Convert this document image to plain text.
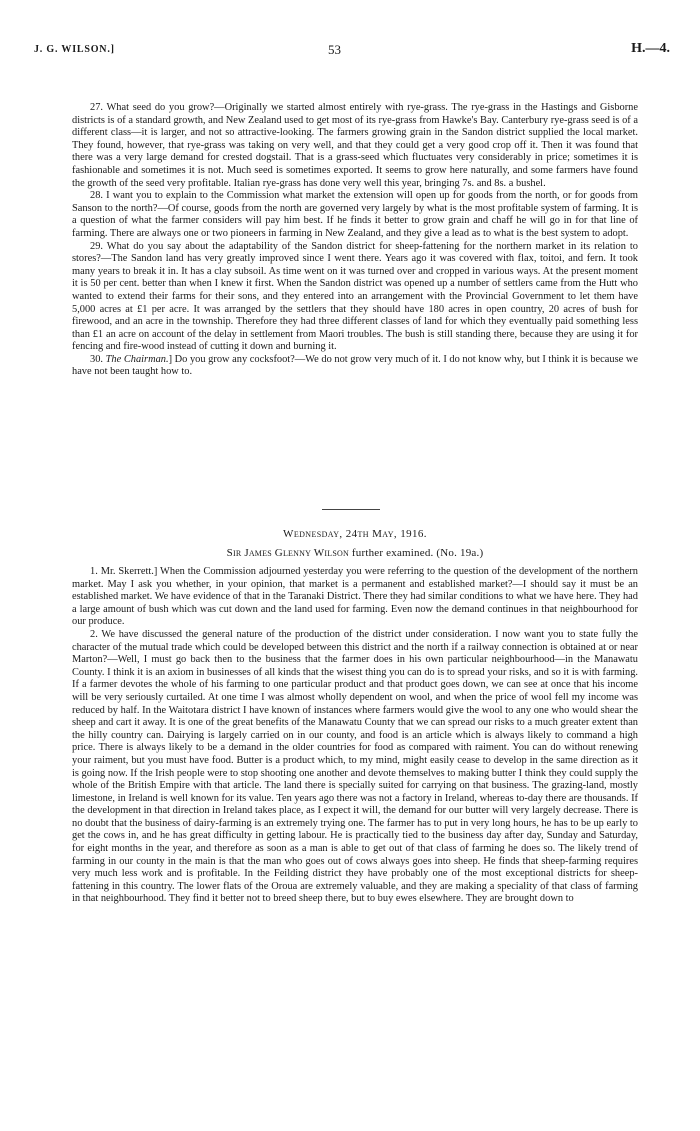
J. G. WILSON.]	53	H.—4.

27. What seed do you grow?—Originally we started almost entirely with rye-grass. The rye-grass in the Hastings and Gisborne districts is of a standard growth, and New Zealand used to get most of its rye-grass from Hawke's Bay. Canterbury rye-grass seed is of a different class—it is larger, and not so attractive-looking. The farmers growing grain in the Sandon district supplied the local market. They found, however, that rye-grass was taking on very well, and that they could get a very good crop off it. Then it was found that there was a very large demand for crested dogstail. That is a grass-seed which fluctuates very considerably in price; sometimes it is fashionable and sometimes it is not. Much seed is sometimes exported. It seems to grow here naturally, and some farmers have found the growth of the seed very profitable. Italian rye-grass has done very well this year, bringing 7s. and 8s. a bushel.

28. I want you to explain to the Commission what market the extension will open up for goods from the north, or for goods from Sanson to the north?—Of course, goods from the north are governed very largely by what is the most profitable system of farming. It is a question of what the farmer considers will pay him best. If he finds it better to grow grain and chaff he will go in for that line of farming. There are always one or two pioneers in farming in New Zealand, and they give a lead as to what is the best system to adopt.

29. What do you say about the adaptability of the Sandon district for sheep-fattening for the northern market in its relation to stores?—The Sandon land has very greatly improved since I went there. Years ago it was covered with flax, toitoi, and fern. It took many years to break it in. It has a clay subsoil. As time went on it was turned over and cropped in various ways. At the present moment it is 50 per cent. better than when I knew it first. When the Sandon district was opened up a number of settlers came from the Hutt who wanted to extend their farms for their sons, and they entered into an arrangement with the Provincial Government to let them have 5,000 acres at £1 per acre. It was arranged by the settlers that they should have 180 acres in open country, 20 acres of bush for firewood, and an acre in the township. Therefore they had three different classes of land for which they eventually paid something less than £1 an acre on account of the delay in settlement from Maori troubles. The bush is still standing there, because they are using it for fencing and fire-wood instead of cutting it down and burning it.

30. The Chairman.] Do you grow any cocksfoot?—We do not grow very much of it. I do not know why, but I think it is because we have not been taught how to.

Wednesday, 24th May, 1916.
Sir James Glenny Wilson further examined. (No. 19a.)

1. Mr. Skerrett.] When the Commission adjourned yesterday you were referring to the question of the development of the northern market. May I ask you whether, in your opinion, that market is a permanent and established market?—I should say it must be an established market. We have evidence of that in the Taranaki District. There they had similar conditions to what we have here. They had a large amount of bush which was cut down and the land used for farming. Even now the demand continues in that neighbourhood for our produce.

2. We have discussed the general nature of the production of the district under consideration. I now want you to state fully the character of the mutual trade which could be developed between this district and the north if a railway connection is obtained at or near Marton?—Well, I must go back then to the business that the farmer does in his own particular neighbourhood—in the Manawatu County. I think it is an axiom in businesses of all kinds that the wisest thing you can do is to spread your risks, and so it is with farming. If a farmer devotes the whole of his farming to one particular product and that product goes down, we can see at once that his income will be very seriously curtailed. At one time I was almost wholly dependent on wool, and when the price of wool fell my income was reduced by half. In the Waitotara district I have known of instances where farmers would give the wool to any one who would shear the sheep and cart it away. It is one of the great benefits of the Manawatu County that we can spread our risks to a much greater extent than the hilly country can. Dairying is largely carried on in our county, and food is an article which is always likely to command a high price. There is always likely to be a demand in the older countries for food as compared with raiment. You can do without renewing your raiment, but you must have food. Butter is a product which, to my mind, might easily cease to develop in the same direction as it is going now. If the Irish people were to stop shooting one another and devote themselves to making butter I think they could supply the whole of the British Empire with that article. The land there is specially suited for carrying on that business. The grazing-land, mostly limestone, in Ireland is well known for its value. Ten years ago there was not a factory in Ireland, whereas to-day there are thousands. If the development in that direction in Ireland takes place, as I expect it will, the demand for our butter will very largely decrease. There is no doubt that the business of dairy-farming is an extremely trying one. The farmer has to put in very long hours, he has to be up early to get the cows in, and he has great difficulty in getting labour. He is practically tied to the business day after day, Sunday and Saturday, for eight months in the year, and therefore as soon as a man is able to get out of that class of farming he does so. The likely trend of farming in our county in the main is that the man who goes out of cows always goes into sheep. He finds that sheep-farming requires very much less work and is profitable. In the Feilding district they have probably one of the most exceptional districts for sheep-fattening in this country. The lower flats of the Oroua are extremely valuable, and they are making a speciality of that class of farming in that neighbourhood. They find it better not to breed sheep there, but to buy ewes elsewhere. They are brought down to
